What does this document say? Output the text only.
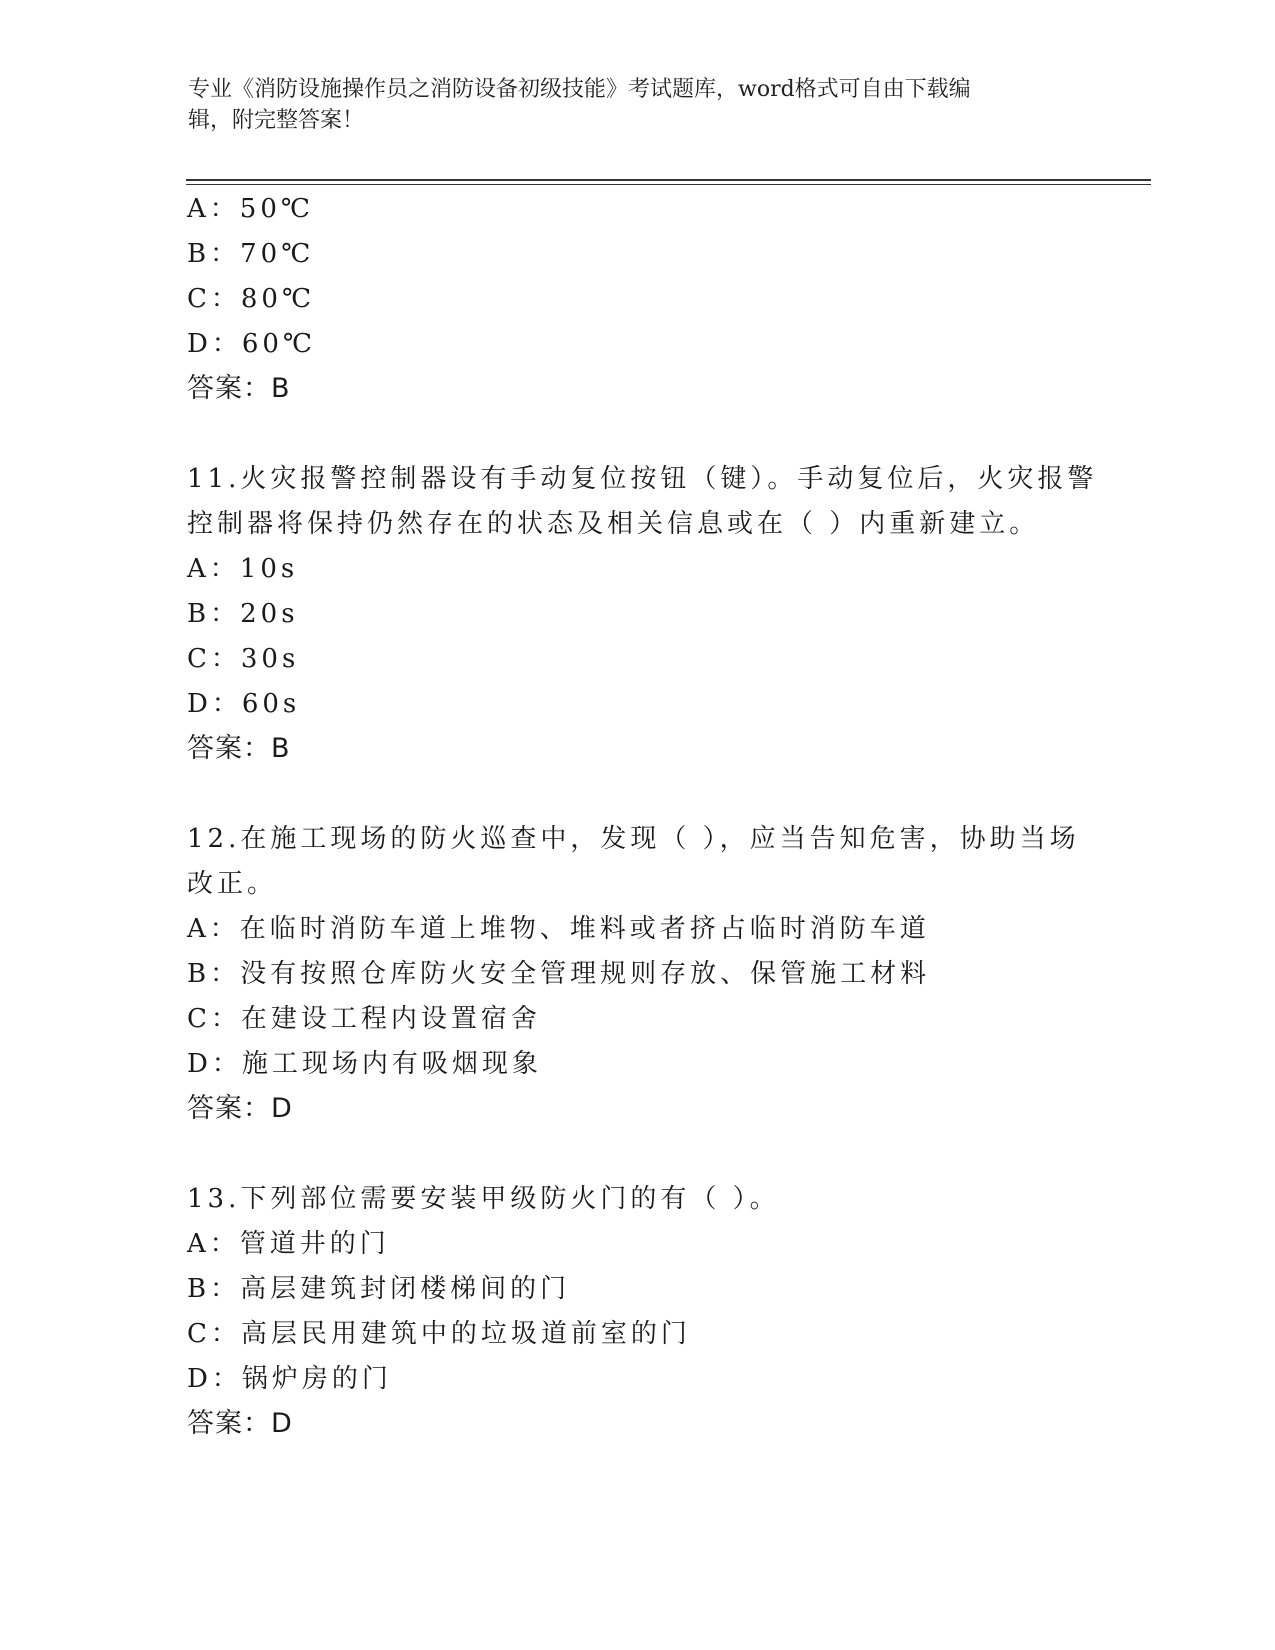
专业《消防设施操作员之消防设备初级技能》考试题库，word格式可自由下载编
辑，附完整答案！
A：50℃
B：70℃
C：80℃
D：60℃
答案：B
11.火灾报警控制器设有手动复位按钮（键）。手动复位后，火灾报警
控制器将保持仍然存在的状态及相关信息或在（ ）内重新建立。
A：10s
B：20s
C：30s
D：60s
答案：B
12.在施工现场的防火巡查中，发现（ ），应当告知危害，协助当场
改正。
A：在临时消防车道上堆物、堆料或者挤占临时消防车道
B：没有按照仓库防火安全管理规则存放、保管施工材料
C：在建设工程内设置宿舍
D：施工现场内有吸烟现象
答案：D
13.下列部位需要安装甲级防火门的有（ ）。
A：管道井的门
B：高层建筑封闭楼梯间的门
C：高层民用建筑中的垃圾道前室的门
D：锅炉房的门
答案：D
